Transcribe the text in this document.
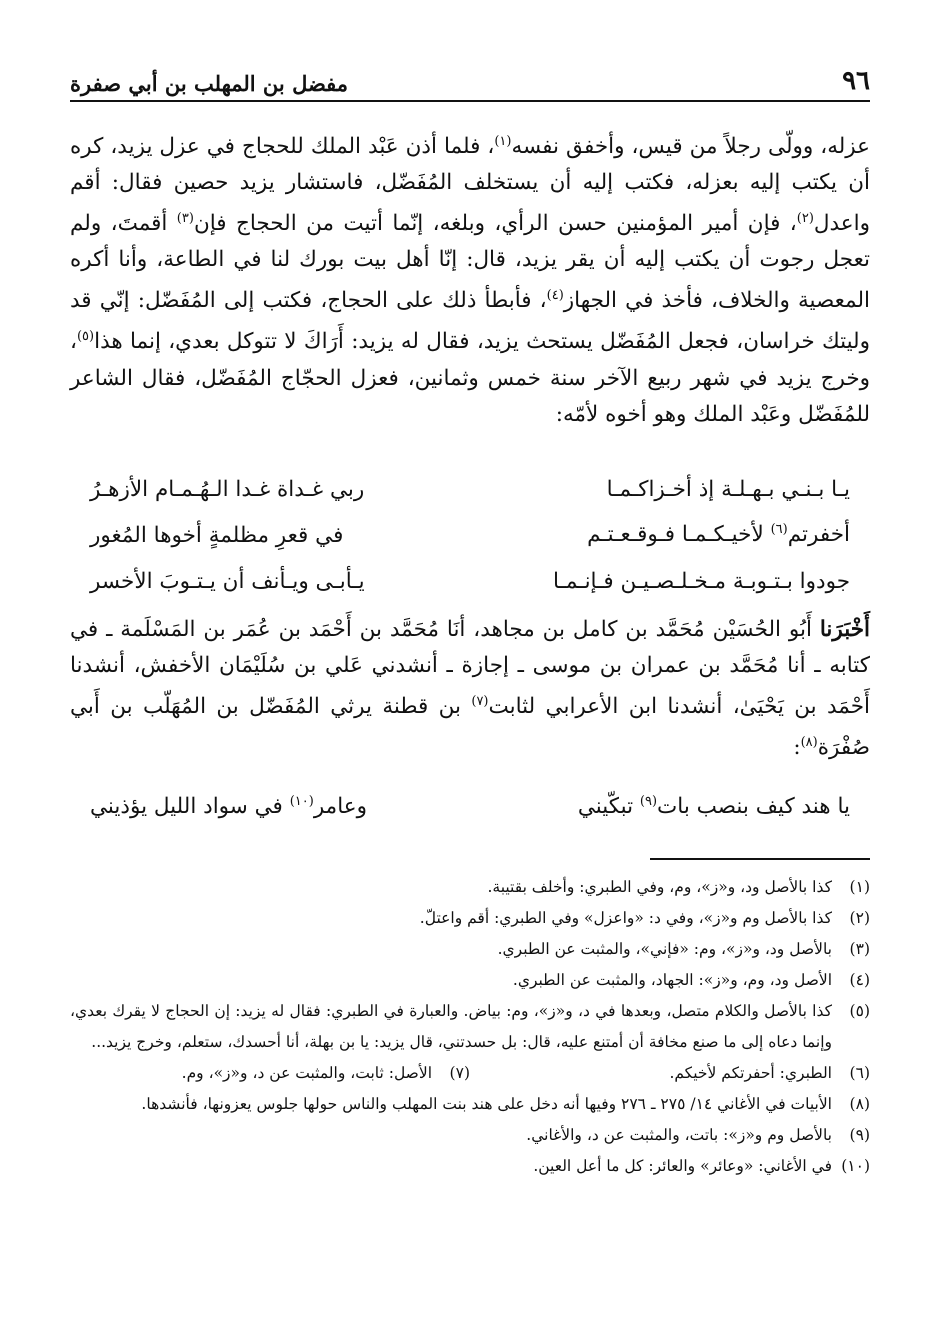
٩٦
مفضل بن المهلب بن أبي صفرة

عزله، وولّى رجلاً من قيس، وأخفق نفسه$^{(١)}$، فلما أذن عَبْد الملك للحجاج في عزل يزيد، كره أن يكتب إليه بعزله، فكتب إليه أن يستخلف المُفَضّل، فاستشار يزيد حصين فقال: أقم واعدل$^{(٢)}$، فإن أمير المؤمنين حسن الرأي، وبلغه، إنّما أتيت من الحجاج فإن$^{(٣)}$ أقمتَ، ولم تعجل رجوت أن يكتب إليه أن يقر يزيد، قال: إنّا أهل بيت بورك لنا في الطاعة، وأنا أكره المعصية والخلاف، فأخذ في الجهاز$^{(٤)}$، فأبطأ ذلك على الحجاج، فكتب إلى المُفَضّل: إنّي قد وليتك خراسان، فجعل المُفَضّل يستحث يزيد، فقال له يزيد: أَرَاكَ لا تتوكل بعدي، إنما هذا$^{(٥)}$، وخرج يزيد في شهر ربيع الآخر سنة خمس وثمانين، فعزل الحجّاج المُفَضّل، فقال الشاعر للمُفَضّل وعَبْد الملك وهو أخوه لأمّه:

يـا بـنـي بـهـلـة إذ أخـزاكـمـا
ربي غـداة غـدا الـهُـمـام الأزهـرُ
أخفرتم$^{(٦)}$ لأخيـكـمـا فـوقـعـتـم
في قعرِ مظلمةٍ أخوها المُغور
جودوا بـتـوبـة مـخـلـصـيـن فـإنـمـا
يـأبـى ويـأنف أن يـتـوبَ الأخسر

أَخْبَرَنا أَبُو الحُسَيْن مُحَمَّد بن كامل بن مجاهد، أنَا مُحَمَّد بن أَحْمَد بن عُمَر بن المَسْلَمة ـ في كتابه ـ أنا مُحَمَّد بن عمران بن موسى ـ إجازة ـ أنشدني عَلي بن سُلَيْمَان الأخفش، أنشدنا أَحْمَد بن يَحْيَىٰ، أنشدنا ابن الأعرابي لثابت$^{(٧)}$ بن قطنة يرثي المُفَضّل بن المُهَلّب بن أَبي صُفْرَة$^{(٨)}$:

يا هند كيف بنصب بات$^{(٩)}$ تبكّيني
وعامر$^{(١٠)}$ في سواد الليل يؤذيني
(١)
كذا بالأصل ود، و«ز»، وم، وفي الطبري: وأخلف بقتيبة.
(٢)
كذا بالأصل وم و«ز»، وفي د: «واعزل» وفي الطبري: أقم واعتلّ.
(٣)
بالأصل ود، و«ز»، وم: «فإني»، والمثبت عن الطبري.
(٤)
الأصل ود، وم، و«ز»: الجهاد، والمثبت عن الطبري.
(٥)
كذا بالأصل والكلام متصل، وبعدها في د، و«ز»، وم: بياض. والعبارة في الطبري: فقال له يزيد: إن الحجاج لا يقرك بعدي، وإنما دعاه إلى ما صنع مخافة أن أمتنع عليه، قال: بل حسدتني، قال يزيد: يا بن بهلة، أنا أحسدك، ستعلم، وخرج يزيد...
(٦)
الطبري: أحفرتكم لأخيكم.
(٧)
الأصل: ثابت، والمثبت عن د، و«ز»، وم.
(٨)
الأبيات في الأغاني ١٤/ ٢٧٥ ـ ٢٧٦ وفيها أنه دخل على هند بنت المهلب والناس حولها جلوس يعزونها، فأنشدها.
(٩)
بالأصل وم و«ز»: باتت، والمثبت عن د، والأغاني.
(١٠)
في الأغاني: «وعائر» والعائر: كل ما أعل العين.
